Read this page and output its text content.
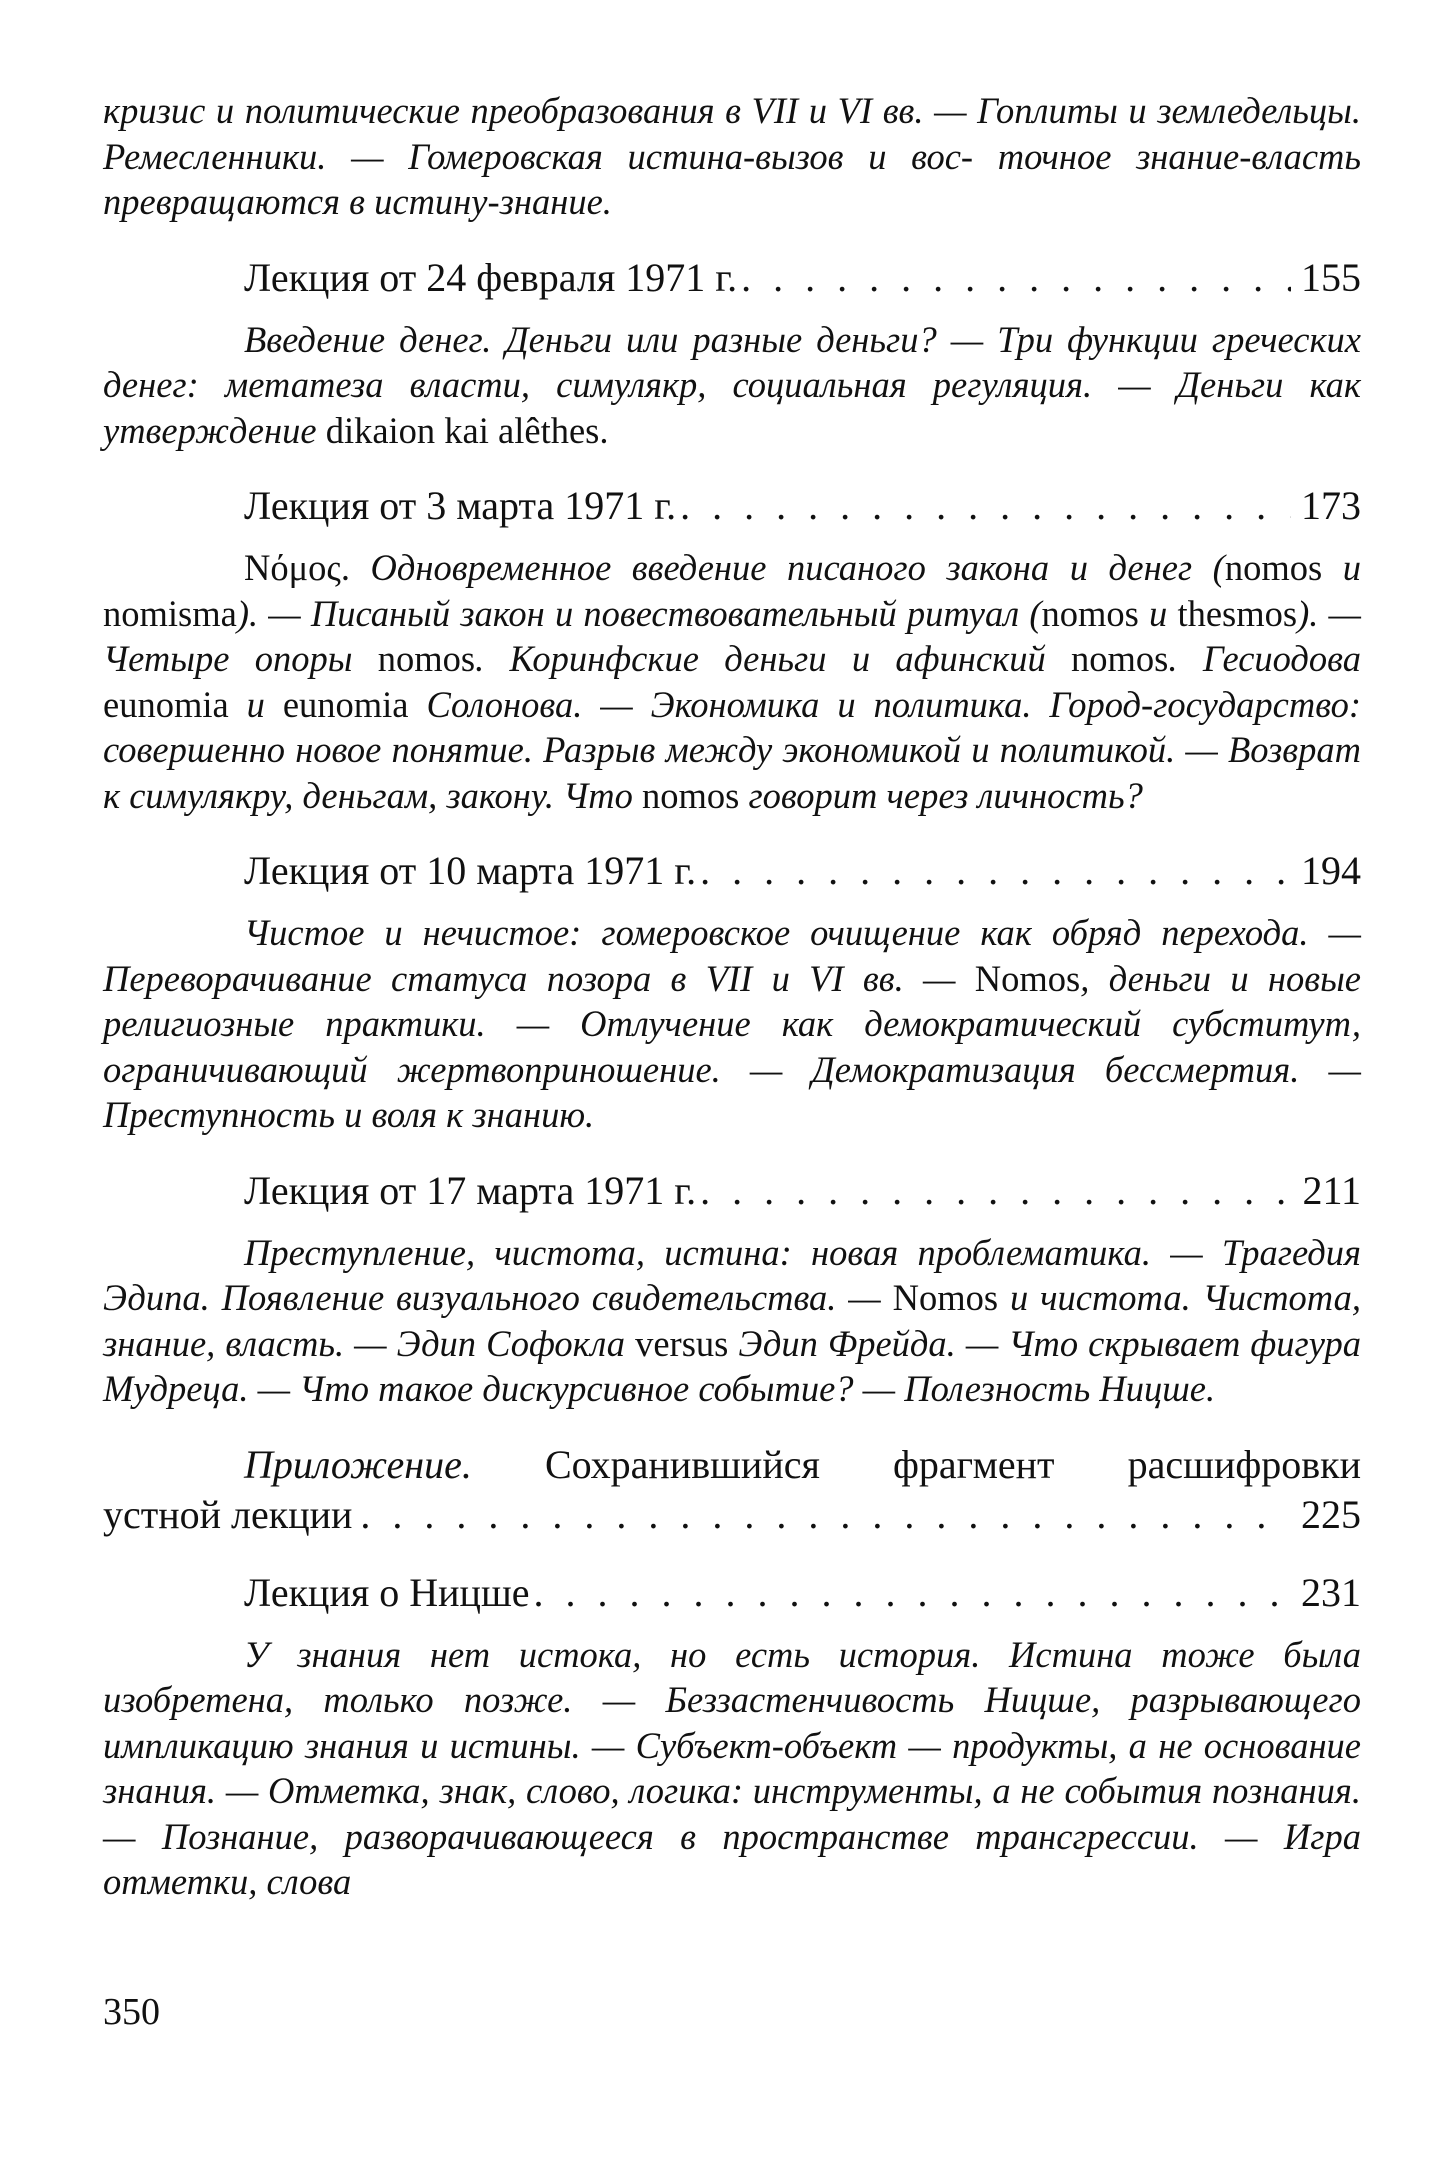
кризис и политические преобразования в VII и VI вв. — Гоплиты и земледельцы. Ремесленники. — Гомеровская истина-вызов и вос- точное знание-власть превращаются в истину-знание.
Лекция от 24 февраля 1971 г. . . .	155

Введение денег. Деньги или разные деньги? — Три функции греческих денег: метатеза власти, симулякр, социальная регуляция. — Деньги как утверждение dikaion kai alêthes.

Лекция от 3 марта 1971 г. . . .	173

Nόμος. Одновременное введение писаного закона и денег (nomos и nomisma). — Писаный закон и повествовательный ритуал (nomos и thesmos). — Четыре опоры nomos. Коринфские деньги и афинский nomos. Гесиодова eunomia и eunomia Солонова. — Экономика и политика. Город-государство: совершенно новое понятие. Разрыв между экономикой и политикой. — Возврат к симулякру, деньгам, закону. Что nomos говорит через личность?

Лекция от 10 марта 1971 г. . . .	194

Чистое и нечистое: гомеровское очищение как обряд перехода. — Переворачивание статуса позора в VII и VI вв. — Nomos, деньги и новые религиозные практики. — Отлучение как демократический субститут, ограничивающий жертвоприношение. — Демократизация бессмертия. — Преступность и воля к знанию.

Лекция от 17 марта 1971 г. . . .	211

Преступление, чистота, истина: новая проблематика. — Трагедия Эдипа. Появление визуального свидетельства. — Nomos и чистота. Чистота, знание, власть. — Эдип Софокла versus Эдип Фрейда. — Что скрывает фигура Мудреца. — Что такое дискурсивное событие? — Полезность Ницше.

Приложение. Сохранившийся фрагмент расшифровки
устной лекции . . .	225
Лекция о Ницше . . .	231

У знания нет истока, но есть история. Истина тоже была изобретена, только позже. — Беззастенчивость Ницше, разрывающего импликацию знания и истины. — Субъект-объект — продукты, а не основание знания. — Отметка, знак, слово, логика: инструменты, а не события познания. — Познание, разворачивающееся в пространстве трансгрессии. — Игра отметки, слова

350
